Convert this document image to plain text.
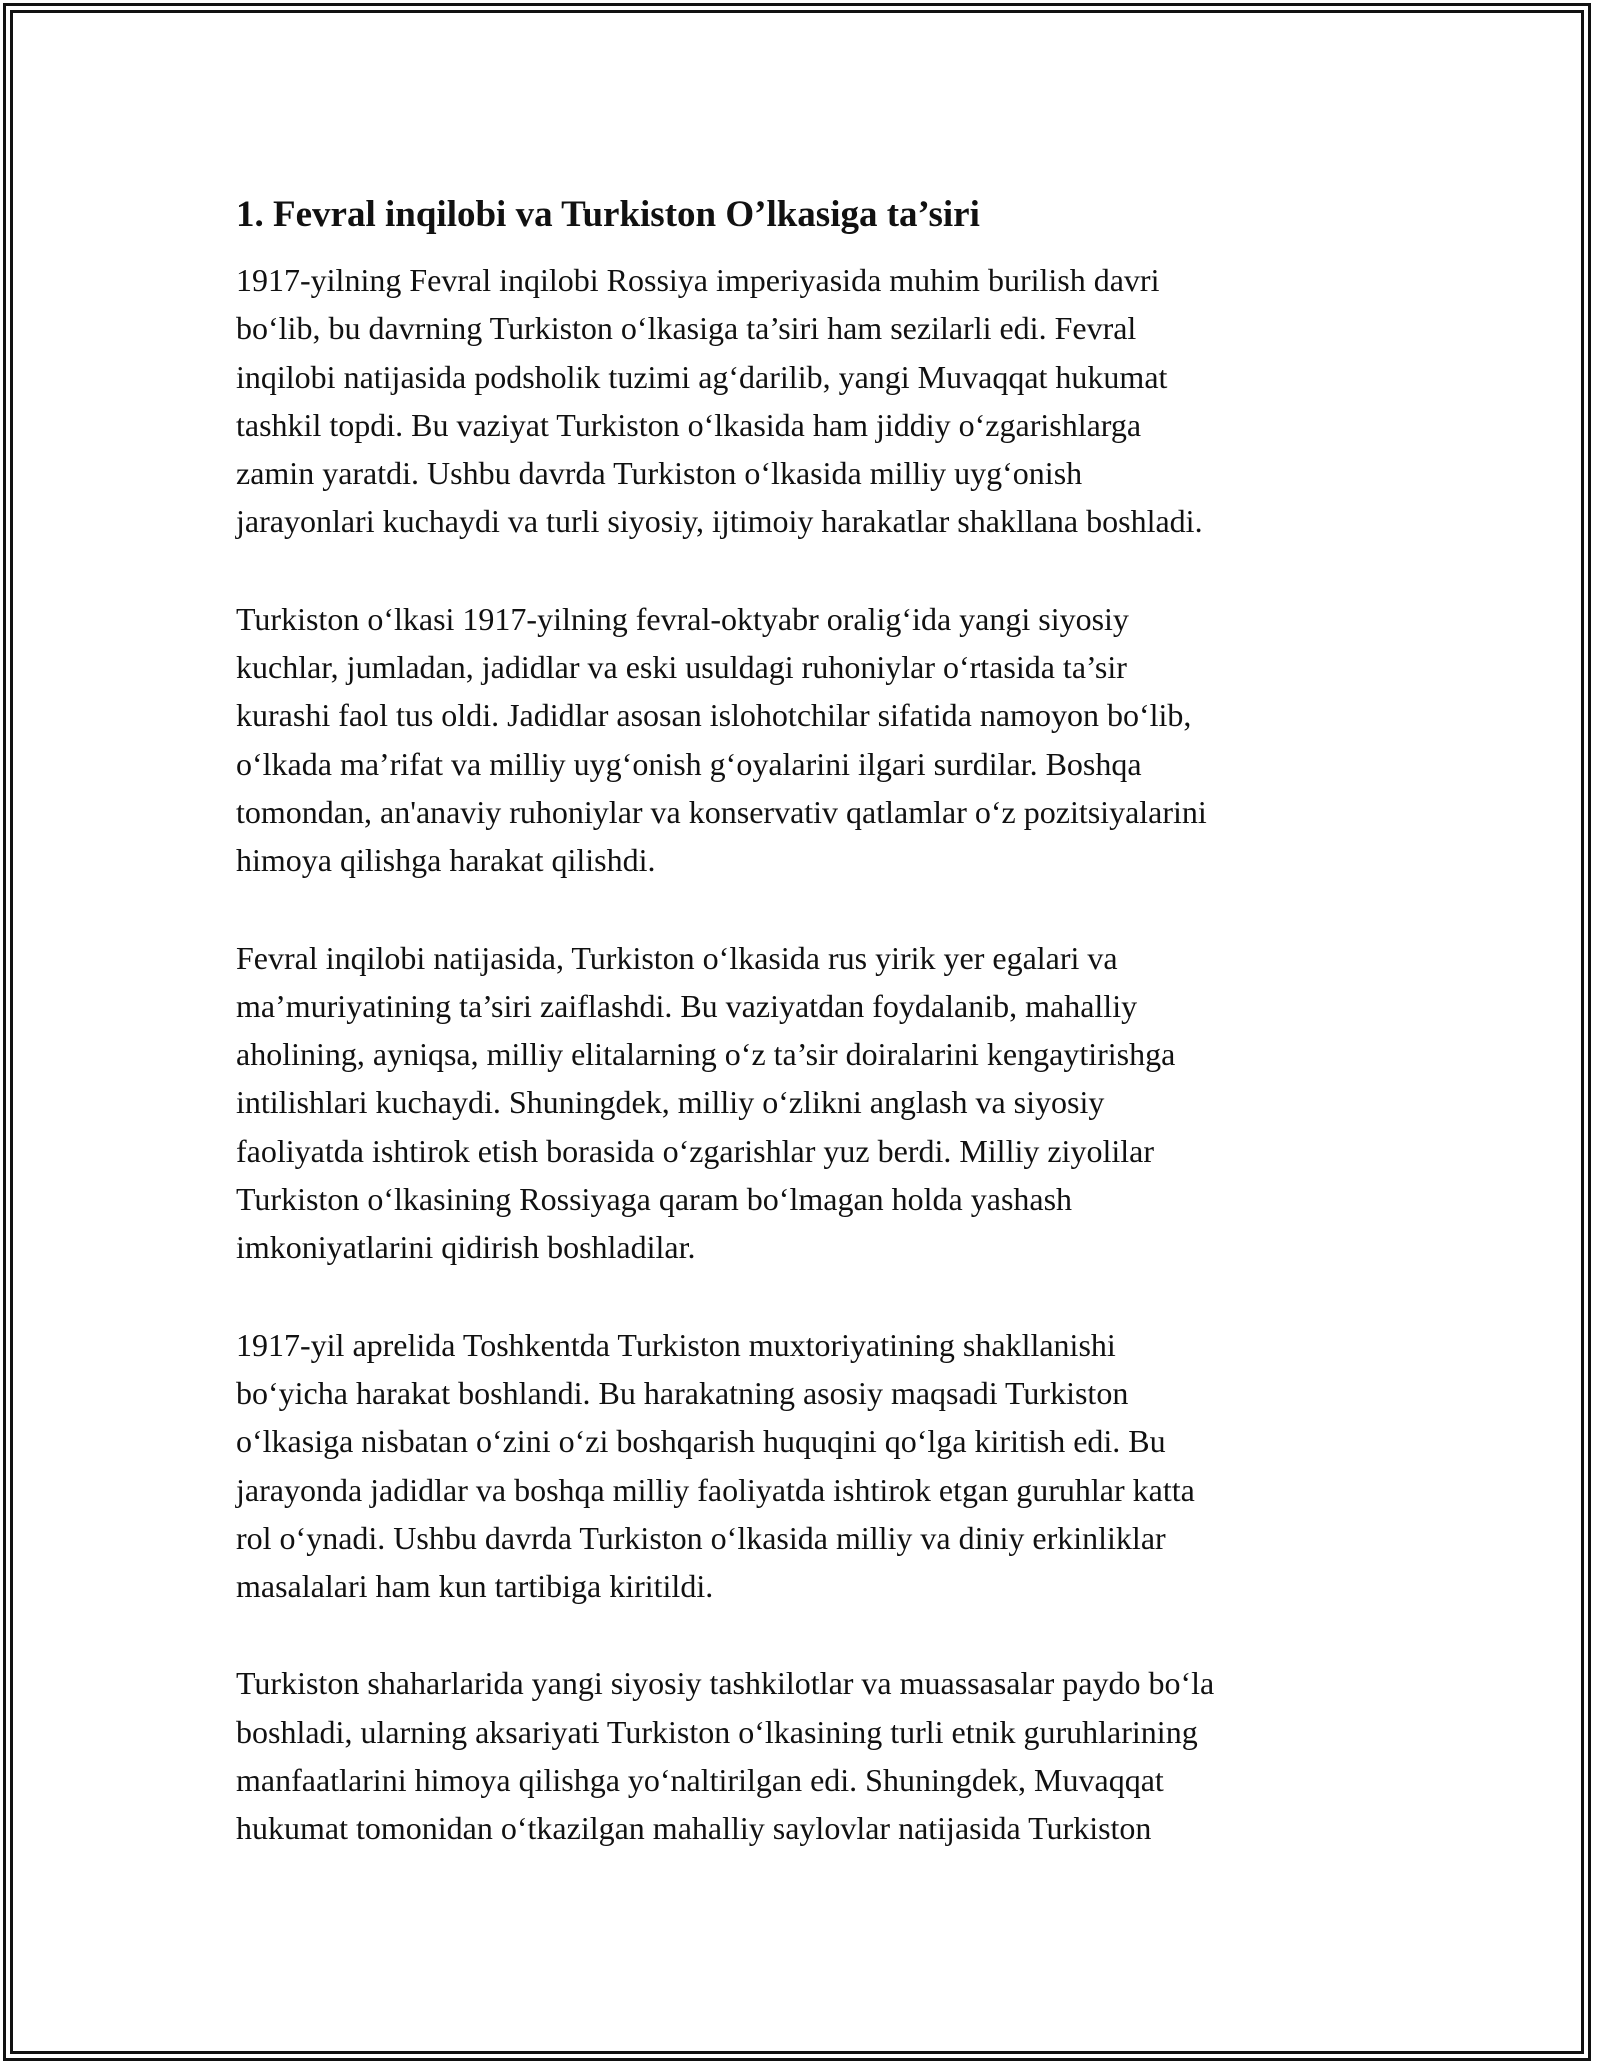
1. Fevral inqilobi va Turkiston O’lkasiga ta’siri
1917-yilning Fevral inqilobi Rossiya imperiyasida muhim burilish davri
bo‘lib, bu davrning Turkiston o‘lkasiga ta’siri ham sezilarli edi. Fevral
inqilobi natijasida podsholik tuzimi ag‘darilib, yangi Muvaqqat hukumat
tashkil topdi. Bu vaziyat Turkiston o‘lkasida ham jiddiy o‘zgarishlarga
zamin yaratdi. Ushbu davrda Turkiston o‘lkasida milliy uyg‘onish
jarayonlari kuchaydi va turli siyosiy, ijtimoiy harakatlar shakllana boshladi.
Turkiston o‘lkasi 1917-yilning fevral-oktyabr oralig‘ida yangi siyosiy
kuchlar, jumladan, jadidlar va eski usuldagi ruhoniylar o‘rtasida ta’sir
kurashi faol tus oldi. Jadidlar asosan islohotchilar sifatida namoyon bo‘lib,
o‘lkada ma’rifat va milliy uyg‘onish g‘oyalarini ilgari surdilar. Boshqa
tomondan, an'anaviy ruhoniylar va konservativ qatlamlar o‘z pozitsiyalarini
himoya qilishga harakat qilishdi.
Fevral inqilobi natijasida, Turkiston o‘lkasida rus yirik yer egalari va
ma’muriyatining ta’siri zaiflashdi. Bu vaziyatdan foydalanib, mahalliy
aholining, ayniqsa, milliy elitalarning o‘z ta’sir doiralarini kengaytirishga
intilishlari kuchaydi. Shuningdek, milliy o‘zlikni anglash va siyosiy
faoliyatda ishtirok etish borasida o‘zgarishlar yuz berdi. Milliy ziyolilar
Turkiston o‘lkasining Rossiyaga qaram bo‘lmagan holda yashash
imkoniyatlarini qidirish boshladilar.
1917-yil aprelida Toshkentda Turkiston muxtoriyatining shakllanishi
bo‘yicha harakat boshlandi. Bu harakatning asosiy maqsadi Turkiston
o‘lkasiga nisbatan o‘zini o‘zi boshqarish huquqini qo‘lga kiritish edi. Bu
jarayonda jadidlar va boshqa milliy faoliyatda ishtirok etgan guruhlar katta
rol o‘ynadi. Ushbu davrda Turkiston o‘lkasida milliy va diniy erkinliklar
masalalari ham kun tartibiga kiritildi.
Turkiston shaharlarida yangi siyosiy tashkilotlar va muassasalar paydo bo‘la
boshladi, ularning aksariyati Turkiston o‘lkasining turli etnik guruhlarining
manfaatlarini himoya qilishga yo‘naltirilgan edi. Shuningdek, Muvaqqat
hukumat tomonidan o‘tkazilgan mahalliy saylovlar natijasida Turkiston
